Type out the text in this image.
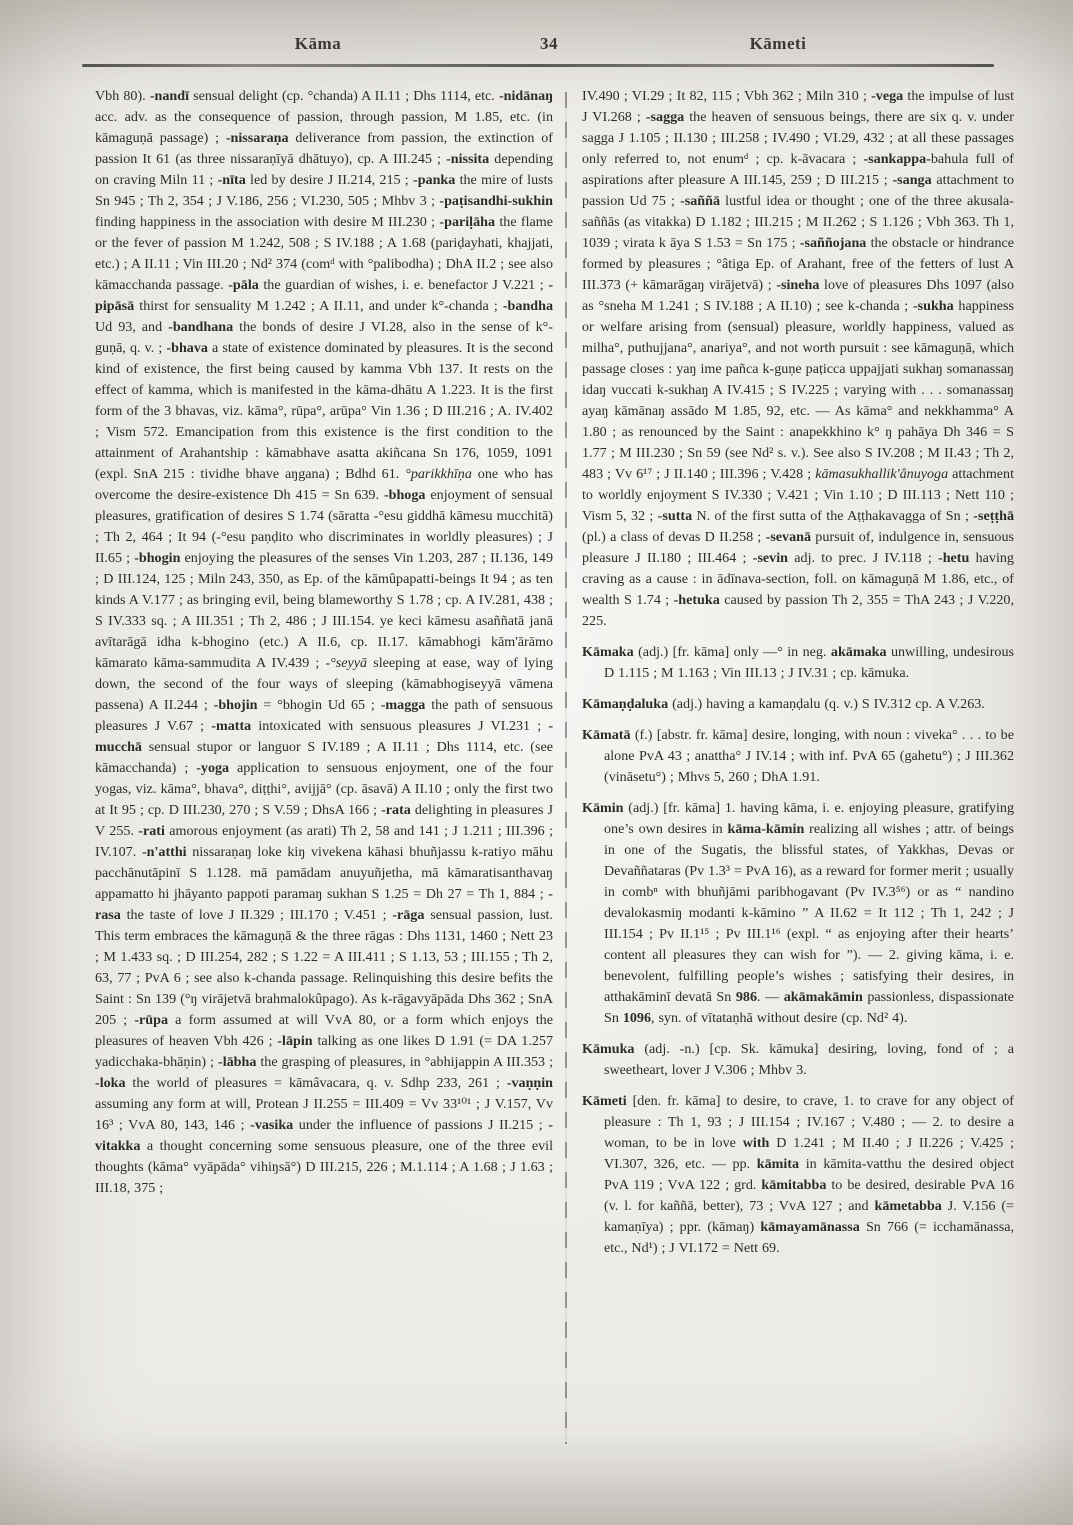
Kāma	34	Kāmeti

Vbh 80). -nandī sensual delight (cp. °chanda) A II.11 ; Dhs 1114, etc. -nidānaŋ acc. adv. as the consequence of passion, through passion, M 1.85, etc. (in kāmaguṇā passage) ; -nissaraṇa deliverance from passion, the extinction of passion It 61 (as three nissaraṇīyā dhātuyo), cp. A III.245 ; -nissita depending on craving Miln 11 ; -nīta led by desire J II.214, 215 ; -panka the mire of lusts Sn 945 ; Th 2, 354 ; J V.186, 256 ; VI.230, 505 ; Mhbv 3 ; -paṭisandhi-sukhin finding happiness in the association with desire M III.230 ; -pariḷāha the flame or the fever of passion M 1.242, 508 ; S IV.188 ; A 1.68 (pariḍayhati, khajjati, etc.) ; A II.11 ; Vin III.20 ; Nd² 374 (comᵈ with °palibodha) ; DhA II.2 ; see also kāmacchanda passage. -pāla the guardian of wishes, i. e. benefactor J V.221 ; -pipāsā thirst for sensuality M 1.242 ; A II.11, and under k°-chanda ; -bandha Ud 93, and -bandhana the bonds of desire J VI.28, also in the sense of k°-guṇā, q. v. ; -bhava a state of existence dominated by pleasures. It is the second kind of existence, the first being caused by kamma Vbh 137. It rests on the effect of kamma, which is manifested in the kāma-dhātu A 1.223. It is the first form of the 3 bhavas, viz. kāma°, rūpa°, arūpa° Vin 1.36 ; D III.216 ; A. IV.402 ; Vism 572. Emancipation from this existence is the first condition to the attainment of Arahantship : kāmabhave asatta akiñcana Sn 176, 1059, 1091 (expl. SnA 215 : tividhe bhave aŋgana) ; Bdhd 61. °parikkhīṇa one who has overcome the desire-existence Dh 415 = Sn 639. -bhoga enjoyment of sensual pleasures, gratification of desires S 1.74 (sāratta -°esu giddhā kāmesu mucchitā) ; Th 2, 464 ; It 94 (-°esu paṇḍito who discriminates in worldly pleasures) ; J II.65 ; -bhogin enjoying the pleasures of the senses Vin 1.203, 287 ; II.136, 149 ; D III.124, 125 ; Miln 243, 350, as Ep. of the kāmûpapatti-beings It 94 ; as ten kinds A V.177 ; as bringing evil, being blameworthy S 1.78 ; cp. A IV.281, 438 ; S IV.333 sq. ; A III.351 ; Th 2, 486 ; J III.154. ye keci kāmesu asaññatā janā avītarāgā idha k-bhogino (etc.) A II.6, cp. II.17. kāmabhogi kām'ārāmo kāmarato kāma-sammudita A IV.439 ; -°seyyā sleeping at ease, way of lying down, the second of the four ways of sleeping (kāmabhogiseyyā vāmena passena) A II.244 ; -bhojin = °bhogin Ud 65 ; -magga the path of sensuous pleasures J V.67 ; -matta intoxicated with sensuous pleasures J VI.231 ; -mucchā sensual stupor or languor S IV.189 ; A II.11 ; Dhs 1114, etc. (see kāmacchanda) ; -yoga application to sensuous enjoyment, one of the four yogas, viz. kāma°, bhava°, diṭṭhi°, avijjā° (cp. āsavā) A II.10 ; only the first two at It 95 ; cp. D III.230, 270 ; S V.59 ; DhsA 166 ; -rata delighting in pleasures J V 255. -rati amorous enjoyment (as arati) Th 2, 58 and 141 ; J 1.211 ; III.396 ; IV.107. -n'atthi nissaraṇaŋ loke kiŋ vivekena kāhasi bhuñjassu k-ratiyo māhu pacchānutāpinī S 1.128. mā pamādam anuyuñjetha, mā kāmaratisanthavaŋ appamatto hi jhāyanto pappoti paramaŋ sukhan S 1.25 = Dh 27 = Th 1, 884 ; -rasa the taste of love J II.329 ; III.170 ; V.451 ; -rāga sensual passion, lust. This term embraces the kāmaguṇā & the three rāgas : Dhs 1131, 1460 ; Nett 23 ; M 1.433 sq. ; D III.254, 282 ; S 1.22 = A III.411 ; S 1.13, 53 ; III.155 ; Th 2, 63, 77 ; PvA 6 ; see also k-chanda passage. Relinquishing this desire befits the Saint : Sn 139 (°ŋ virājetvā brahmalokûpago). As k-rāgavyāpāda Dhs 362 ; SnA 205 ; -rūpa a form assumed at will VvA 80, or a form which enjoys the pleasures of heaven Vbh 426 ; -lāpin talking as one likes D 1.91 (= DA 1.257 yadicchaka-bhāṇin) ; -lābha the grasping of pleasures, in °abhijappin A III.353 ; -loka the world of pleasures = kāmâvacara, q. v. Sdhp 233, 261 ; -vaṇṇin assuming any form at will, Protean J II.255 = III.409 = Vv 33¹⁰¹ ; J V.157, Vv 16³ ; VvA 80, 143, 146 ; -vasika under the influence of passions J II.215 ; -vitakka a thought concerning some sensuous pleasure, one of the three evil thoughts (kāma° vyāpāda° vihiŋsā°) D III.215, 226 ; M.1.114 ; A 1.68 ; J 1.63 ; III.18, 375 ;

IV.490 ; VI.29 ; It 82, 115 ; Vbh 362 ; Miln 310 ; -vega the impulse of lust J VI.268 ; -sagga the heaven of sensuous beings, there are six q. v. under sagga J 1.105 ; II.130 ; III.258 ; IV.490 ; VI.29, 432 ; at all these passages only referred to, not enumᵈ ; cp. k-āvacara ; -sankappa-bahula full of aspirations after pleasure A III.145, 259 ; D III.215 ; -sanga attachment to passion Ud 75 ; -saññā lustful idea or thought ; one of the three akusala-saññās (as vitakka) D 1.182 ; III.215 ; M II.262 ; S 1.126 ; Vbh 363. Th 1, 1039 ; virata k āya S 1.53 = Sn 175 ; -saññojana the obstacle or hindrance formed by pleasures ; °âtiga Ep. of Arahant, free of the fetters of lust A III.373 (+ kāmarāgaŋ virājetvā) ; -sineha love of pleasures Dhs 1097 (also as °sneha M 1.241 ; S IV.188 ; A II.10) ; see k-chanda ; -sukha happiness or welfare arising from (sensual) pleasure, worldly happiness, valued as milha°, puthujjana°, anariya°, and not worth pursuit : see kāmaguṇā, which passage closes : yaŋ ime pañca k-guṇe paṭicca uppajjati sukhaŋ somanassaŋ idaŋ vuccati k-sukhaŋ A IV.415 ; S IV.225 ; varying with . . . somanassaŋ ayaŋ kāmānaŋ assādo M 1.85, 92, etc. — As kāma° and nekkhamma° A 1.80 ; as renounced by the Saint : anapekkhino k° ŋ pahāya Dh 346 = S 1.77 ; M III.230 ; Sn 59 (see Nd² s. v.). See also S IV.208 ; M II.43 ; Th 2, 483 ; Vv 6¹⁷ ; J II.140 ; III.396 ; V.428 ; kāmasukhallik'ânuyoga attachment to worldly enjoyment S IV.330 ; V.421 ; Vin 1.10 ; D III.113 ; Nett 110 ; Vism 5, 32 ; -sutta N. of the first sutta of the Aṭṭhakavagga of Sn ; -seṭṭhā (pl.) a class of devas D II.258 ; -sevanā pursuit of, indulgence in, sensuous pleasure J II.180 ; III.464 ; -sevin adj. to prec. J IV.118 ; -hetu having craving as a cause : in ādīnava-section, foll. on kāmaguṇā M 1.86, etc., of wealth S 1.74 ; -hetuka caused by passion Th 2, 355 = ThA 243 ; J V.220, 225.

Kāmaka (adj.) [fr. kāma] only —° in neg. akāmaka unwilling, undesirous D 1.115 ; M 1.163 ; Vin III.13 ; J IV.31 ; cp. kāmuka.

Kāmaṇḍaluka (adj.) having a kamaṇḍalu (q. v.) S IV.312 cp. A V.263.

Kāmatā (f.) [abstr. fr. kāma] desire, longing, with noun : viveka° . . . to be alone PvA 43 ; anattha° J IV.14 ; with inf. PvA 65 (gahetu°) ; J III.362 (vināsetu°) ; Mhvs 5, 260 ; DhA 1.91.

Kāmin (adj.) [fr. kāma] 1. having kāma, i. e. enjoying pleasure, gratifying one’s own desires in kāma-kāmin realizing all wishes ; attr. of beings in one of the Sugatis, the blissful states, of Yakkhas, Devas or Devaññataras (Pv 1.3³ = PvA 16), as a reward for former merit ; usually in combⁿ with bhuñjāmi paribhogavant (Pv IV.3⁵⁶) or as “ nandino devalokasmiŋ modanti k-kāmino ” A II.62 = It 112 ; Th 1, 242 ; J III.154 ; Pv II.1¹⁵ ; Pv III.1¹⁶ (expl. “ as enjoying after their hearts’ content all pleasures they can wish for ”). — 2. giving kāma, i. e. benevolent, fulfilling people’s wishes ; satisfying their desires, in atthakāminī devatā Sn 986. — akāmakāmin passionless, dispassionate Sn 1096, syn. of vītataṇhā without desire (cp. Nd² 4).

Kāmuka (adj. -n.) [cp. Sk. kāmuka] desiring, loving, fond of ; a sweetheart, lover J V.306 ; Mhbv 3.

Kāmeti [den. fr. kāma] to desire, to crave, 1. to crave for any object of pleasure : Th 1, 93 ; J III.154 ; IV.167 ; V.480 ; — 2. to desire a woman, to be in love with D 1.241 ; M II.40 ; J II.226 ; V.425 ; VI.307, 326, etc. — pp. kāmita in kāmita-vatthu the desired object PvA 119 ; VvA 122 ; grd. kāmitabba to be desired, desirable PvA 16 (v. l. for kaññā, better), 73 ; VvA 127 ; and kāmetabba J. V.156 (= kamaṇīya) ; ppr. (kāmaŋ) kāmayamānassa Sn 766 (= icchamānassa, etc., Nd¹) ; J VI.172 = Nett 69.
